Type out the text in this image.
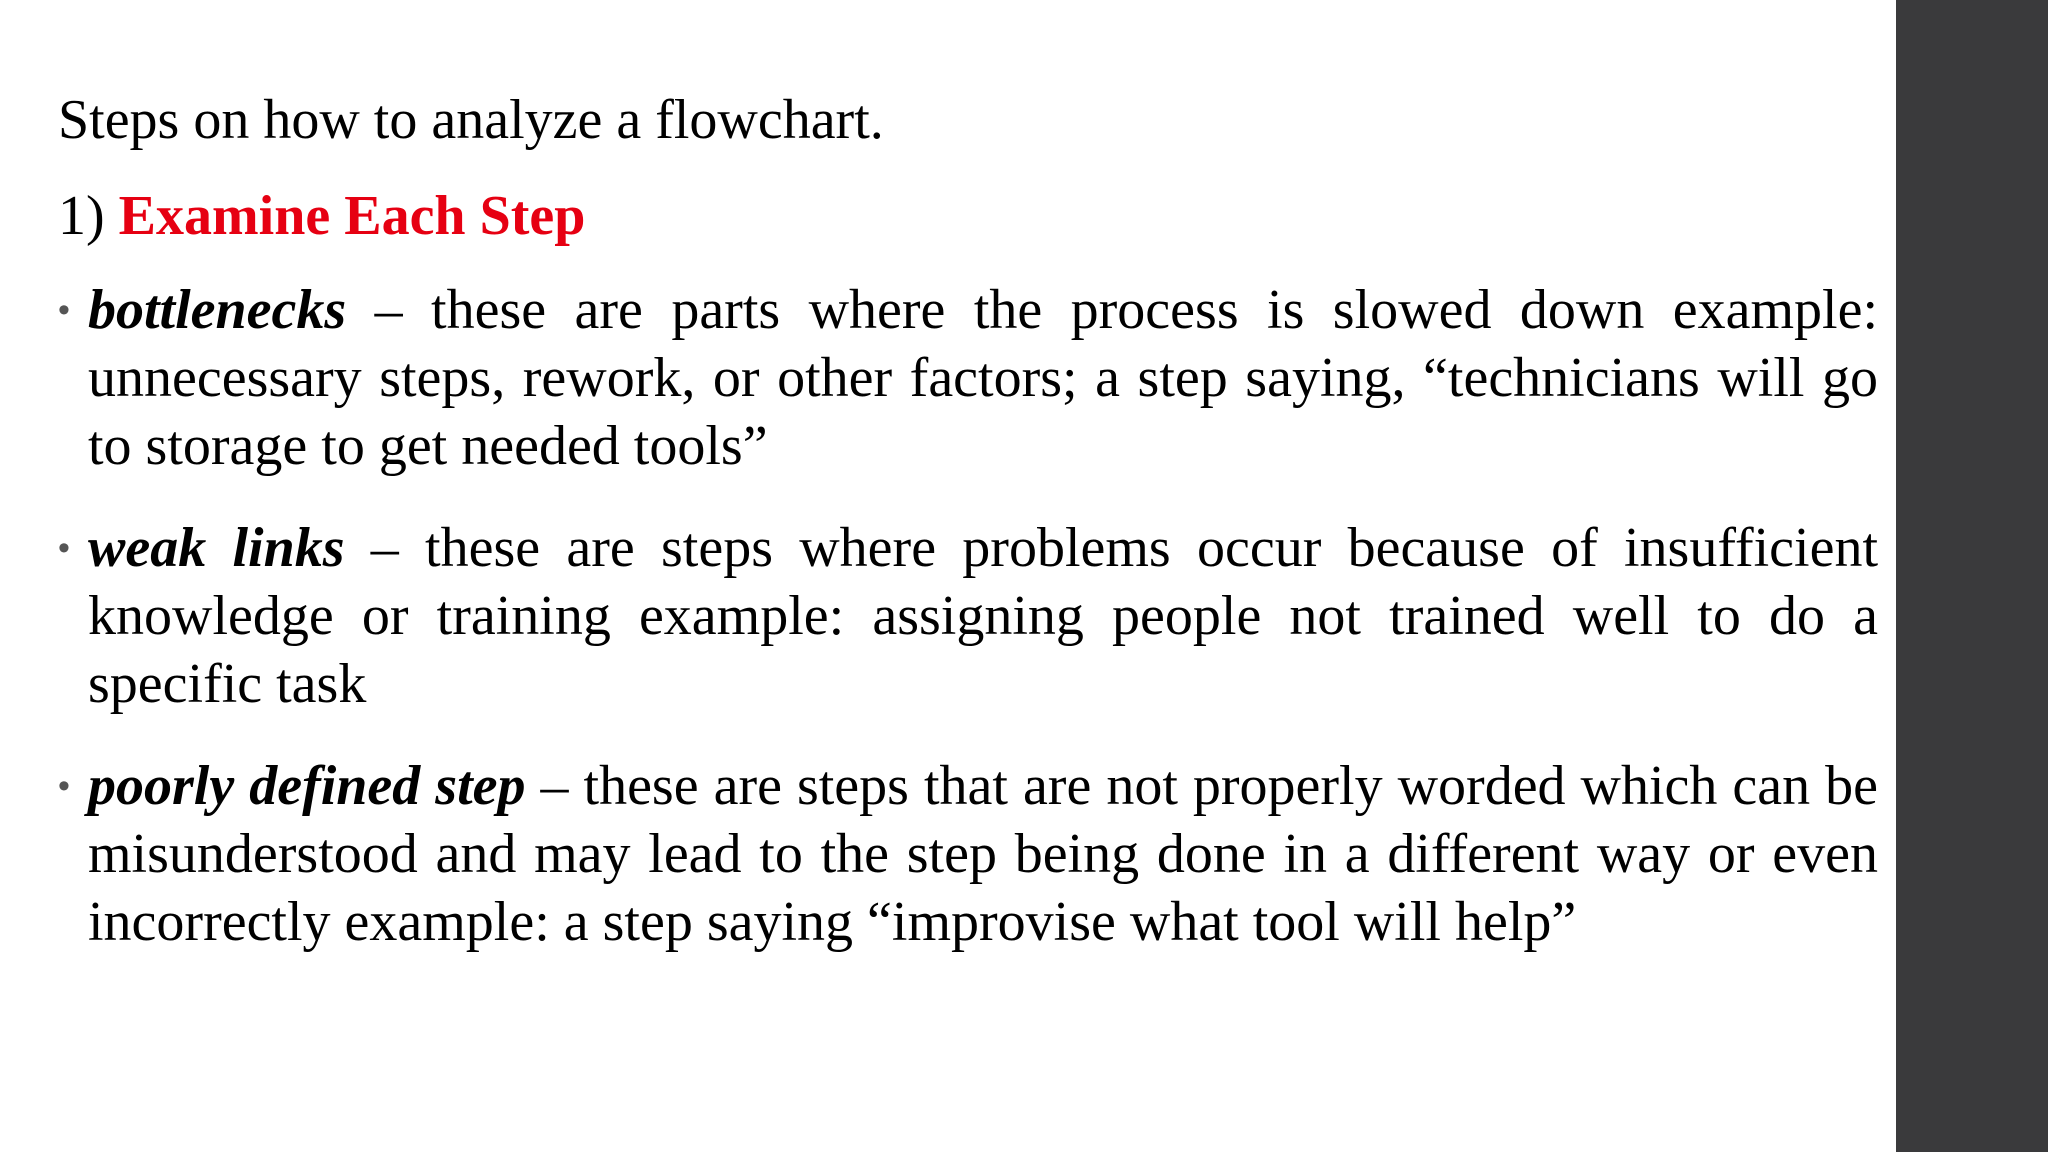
Steps on how to analyze a flowchart.

1) Examine Each Step

• bottlenecks – these are parts where the process is slowed down example: unnecessary steps, rework, or other factors; a step saying, “technicians will go to storage to get needed tools”

• weak links – these are steps where problems occur because of insufficient knowledge or training example: assigning people not trained well to do a specific task

• poorly defined step – these are steps that are not properly worded which can be misunderstood and may lead to the step being done in a different way or even incorrectly example: a step saying “improvise what tool will help”
